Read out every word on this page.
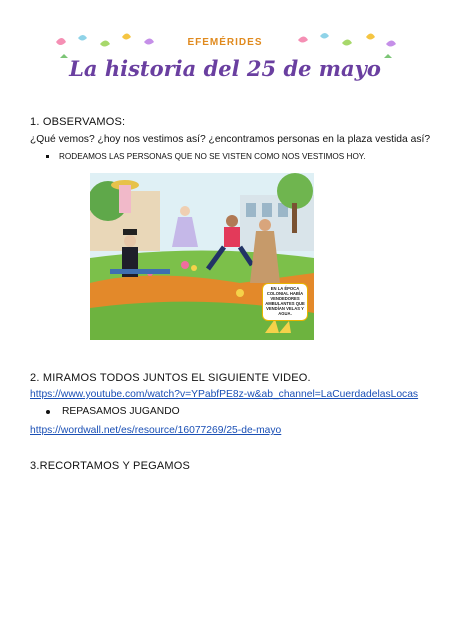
EFEMÉRIDES
La historia del 25 de mayo
1. OBSERVAMOS:
¿Qué vemos? ¿hoy nos vestimos así? ¿encontramos personas en la plaza vestida así?
RODEAMOS LAS PERSONAS QUE NO SE VISTEN COMO NOS VESTIMOS HOY.
EN LA ÉPOCA COLONIAL HABÍA VENDEDORES AMBULANTES QUE VENDÍAN VELAS Y AGUA.
2. MIRAMOS TODOS JUNTOS EL SIGUIENTE VIDEO.
https://www.youtube.com/watch?v=YPabfPE8z-w&ab_channel=LaCuerdadelasLocas
REPASAMOS JUGANDO
https://wordwall.net/es/resource/16077269/25-de-mayo
3.RECORTAMOS Y PEGAMOS
